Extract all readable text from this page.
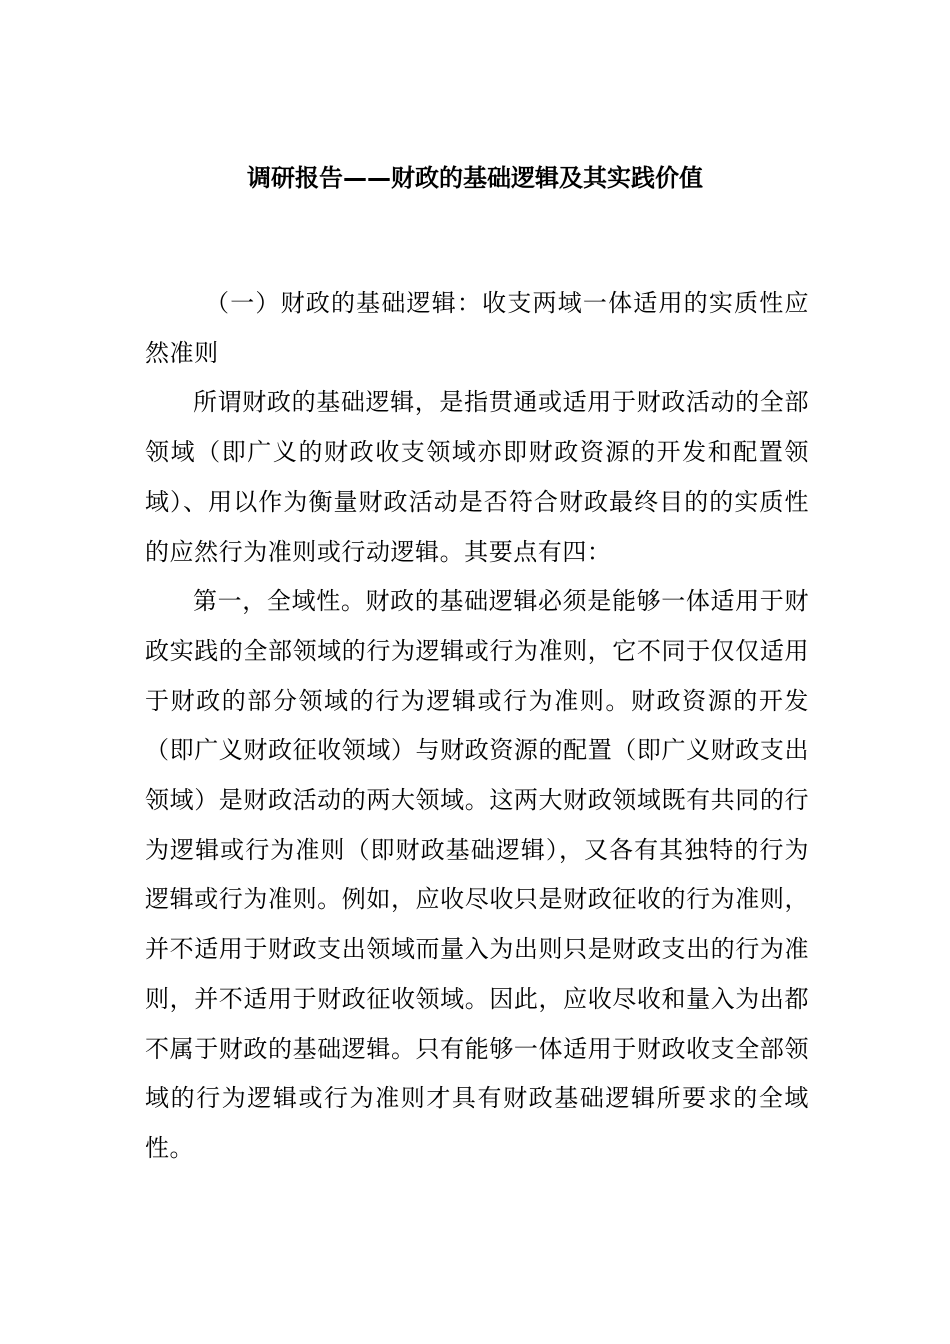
调研报告——财政的基础逻辑及其实践价值

（一）财政的基础逻辑：收支两域一体适用的实质性应然准则

所谓财政的基础逻辑，是指贯通或适用于财政活动的全部领域（即广义的财政收支领域亦即财政资源的开发和配置领域）、用以作为衡量财政活动是否符合财政最终目的的实质性的应然行为准则或行动逻辑。其要点有四：

第一，全域性。财政的基础逻辑必须是能够一体适用于财政实践的全部领域的行为逻辑或行为准则，它不同于仅仅适用于财政的部分领域的行为逻辑或行为准则。财政资源的开发（即广义财政征收领域）与财政资源的配置（即广义财政支出领域）是财政活动的两大领域。这两大财政领域既有共同的行为逻辑或行为准则（即财政基础逻辑），又各有其独特的行为逻辑或行为准则。例如，应收尽收只是财政征收的行为准则，并不适用于财政支出领域而量入为出则只是财政支出的行为准则，并不适用于财政征收领域。因此，应收尽收和量入为出都不属于财政的基础逻辑。只有能够一体适用于财政收支全部领域的行为逻辑或行为准则才具有财政基础逻辑所要求的全域性。
